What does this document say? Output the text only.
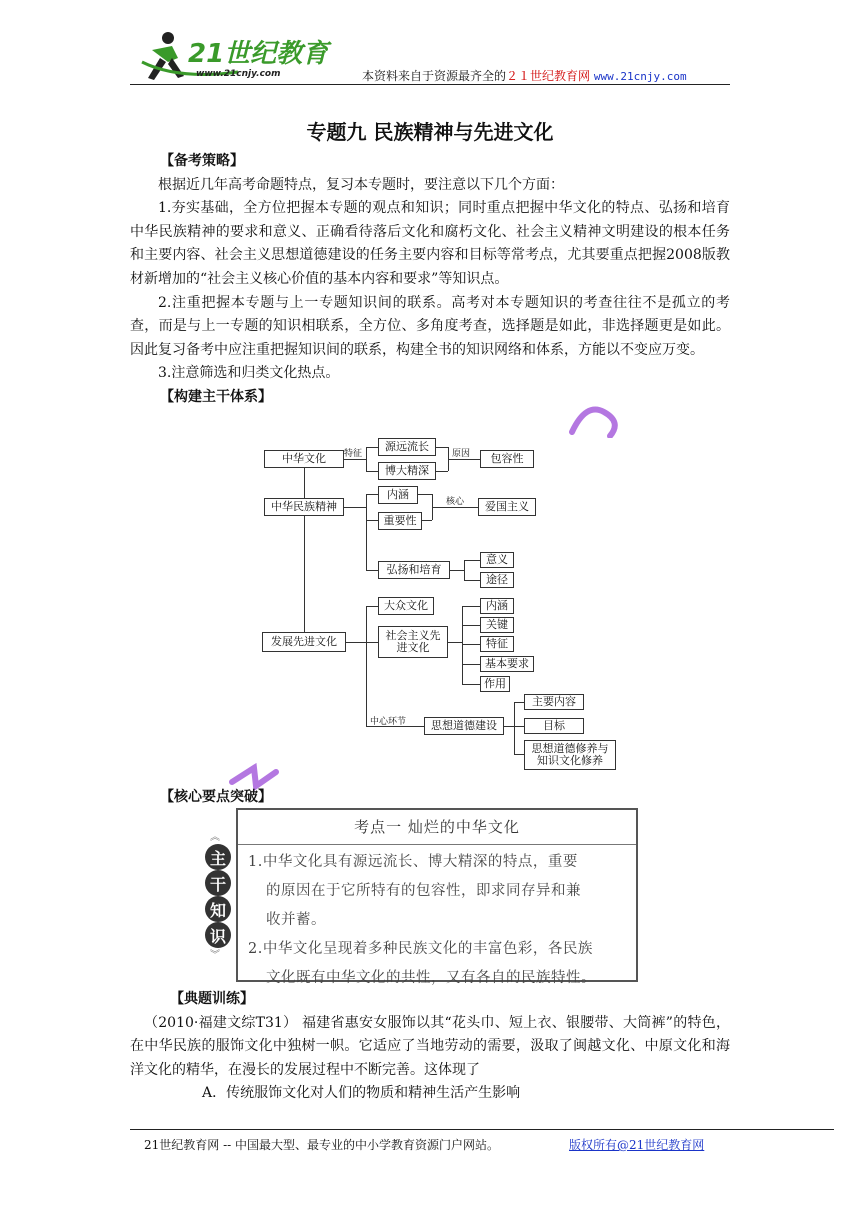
21世纪教育
www.21cnjy.com	本资料来自于资源最齐全的２１世纪教育网 www.21cnjy.com
专题九 民族精神与先进文化
【备考策略】
根据近几年高考命题特点，复习本专题时，要注意以下几个方面：
1.夯实基础，全方位把握本专题的观点和知识；同时重点把握中华文化的特点、弘扬和培育中华民族精神的要求和意义、正确看待落后文化和腐朽文化、社会主义精神文明建设的根本任务和主要内容、社会主义思想道德建设的任务主要内容和目标等常考点，尤其要重点把握2008版教材新增加的“社会主义核心价值的基本内容和要求”等知识点。
2.注重把握本专题与上一专题知识间的联系。高考对本专题知识的考查往往不是孤立的考查，而是与上一专题的知识相联系，全方位、多角度考查，选择题是如此，非选择题更是如此。因此复习备考中应注重把握知识间的联系，构建全书的知识网络和体系，方能以不变应万变。
3.注意筛选和归类文化热点。
【构建主干体系】
中华文化
中华民族精神
发展先进文化
特征
源远流长
博大精深
原因	包容性
内涵
重要性
核心	爱国主义
弘扬和培育
意义
途径
大众文化
社会主义先
进文化
内涵
关键
特征
基本要求
作用
中心环节	思想道德建设
主要内容
目标
思想道德修养与
知识文化修养
【核心要点突破】
︽
主
干
知
识
︾
考点一 灿烂的中华文化

1.中华文化具有源远流长、博大精深的特点，重要

的原因在于它所特有的包容性，即求同存异和兼

收并蓄。

2.中华文化呈现着多种民族文化的丰富色彩，各民族

文化既有中华文化的共性，又有各自的民族特性。

【典题训练】
（2010·福建文综T31） 福建省惠安女服饰以其“花头巾、短上衣、银腰带、大筒裤”的特色，在中华民族的服饰文化中独树一帜。它适应了当地劳动的需要，汲取了闽越文化、中原文化和海洋文化的精华，在漫长的发展过程中不断完善。这体现了
A．传统服饰文化对人们的物质和精神生活产生影响
21世纪教育网 -- 中国最大型、最专业的中小学教育资源门户网站。	版权所有@21世纪教育网
